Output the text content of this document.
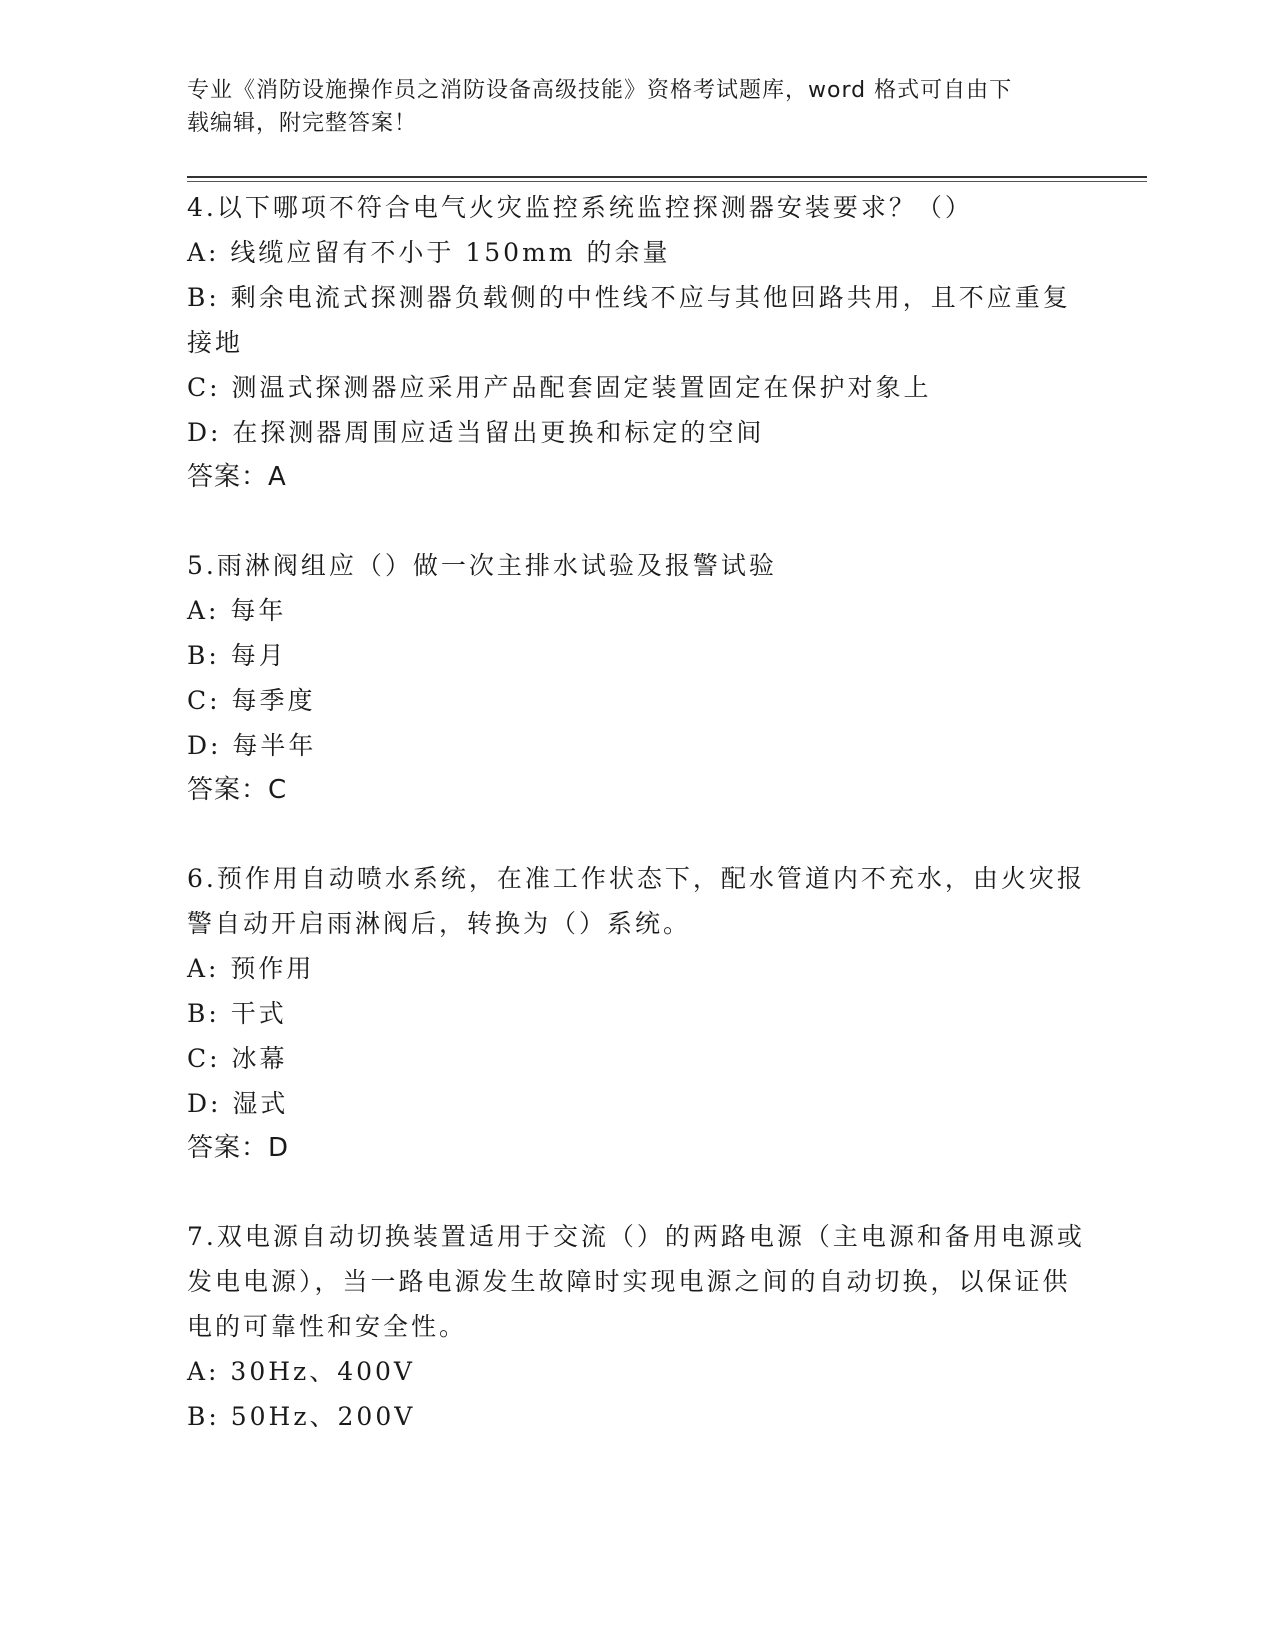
专业《消防设施操作员之消防设备高级技能》资格考试题库，word 格式可自由下
载编辑，附完整答案！
4.以下哪项不符合电气火灾监控系统监控探测器安装要求？（）
A: 线缆应留有不小于 150mm 的余量
B: 剩余电流式探测器负载侧的中性线不应与其他回路共用，且不应重复接地
C: 测温式探测器应采用产品配套固定装置固定在保护对象上
D: 在探测器周围应适当留出更换和标定的空间
答案：A
5.雨淋阀组应（）做一次主排水试验及报警试验
A: 每年
B: 每月
C: 每季度
D: 每半年
答案：C
6.预作用自动喷水系统，在准工作状态下，配水管道内不充水，由火灾报警自动开启雨淋阀后，转换为（）系统。
A: 预作用
B: 干式
C: 冰幕
D: 湿式
答案：D
7.双电源自动切换装置适用于交流（）的两路电源（主电源和备用电源或发电电源），当一路电源发生故障时实现电源之间的自动切换，以保证供电的可靠性和安全性。
A: 30Hz、400V
B: 50Hz、200V
